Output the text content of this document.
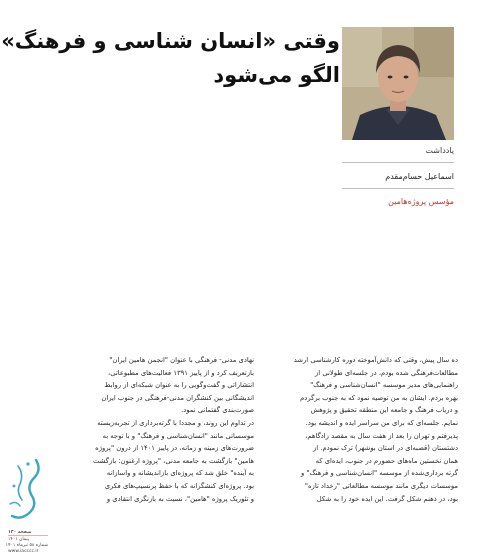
وقتی «انسان شناسی و فرهنگ»
الگو می‌شود
یادداشت
اسماعیل حسام‌مقدم
مؤسس پروژه‌هامین
ده سال پیش، وقتی که دانش‌آموخته دوره کارشناسی ارشد
مطالعات‌فرهنگی شده بودم، در جلسه‌ای طولانی از
راهنمایی‌های مدیر موسسه "انسان‌شناسی و فرهنگ"
بهره بردم. ایشان به من توصیه نمود که به جنوب برگردم
و دریاب فرهنگ و جامعه این منطقه تحقیق و پژوهش
نمایم. جلسه‌ای که برای من سراسر ایده و اندیشه بود.
پذیرفتم و تهران را بعد از هفت سال به مقصد زادگاهم،
دشتستان (قصبه‌ای در استان بوشهر) ترک نمودم. از
همان نخستین ماه‌های حضورم در جنوب، ایده‌ای که
گرته برداری‌شده از موسسه "انسان‌شناسی و فرهنگ" و
موسسات دیگری مانند موسسه مطالعاتی "رخداد تازه"
بود، در ذهنم شکل گرفت. این ایده خود را به شکل
نهادی مدنی- فرهنگی با عنوان "انجمن هامین ایران"
بازتعریف کرد و از پاییز ۱۳۹۱ فعالیت‌های مطبوعاتی،
انتشاراتی و گفت‌وگویی را به عنوان شبکه‌ای از روابط
اندیشگانی بین کنشگران مدنی-فرهنگی در جنوب ایران
صورت‌بندی گفتمانی نمود.
در تداوم این روند، و مجددا با گرته‌برداری از تجربه‌زیسته
موسساتی مانند "انسان‌شناسی و فرهنگ" و با توجه به
ضرورت‌های زمینه و زمانه، در پاییز ۱۴۰۱ از درون "پروژه
هامین" بازگشت به جامعه مدنی، "پروژه ارغنون: بازگشت
به آینده" خلق شد که پروژه‌ای بازاندیشانه و واسازانه
بود. پروژه‌ای کنشگرانه که با حفظ پرنسیپ‌های فکری
و تئوریک پروژه "هامین"، نسبت به بازنگری انتقادی و
صفحه ۱۳۰
پیمان ۱۴۰۱
شماره ۵۸ تیرماه ۱۴۰۱
www.iacccc.ir
